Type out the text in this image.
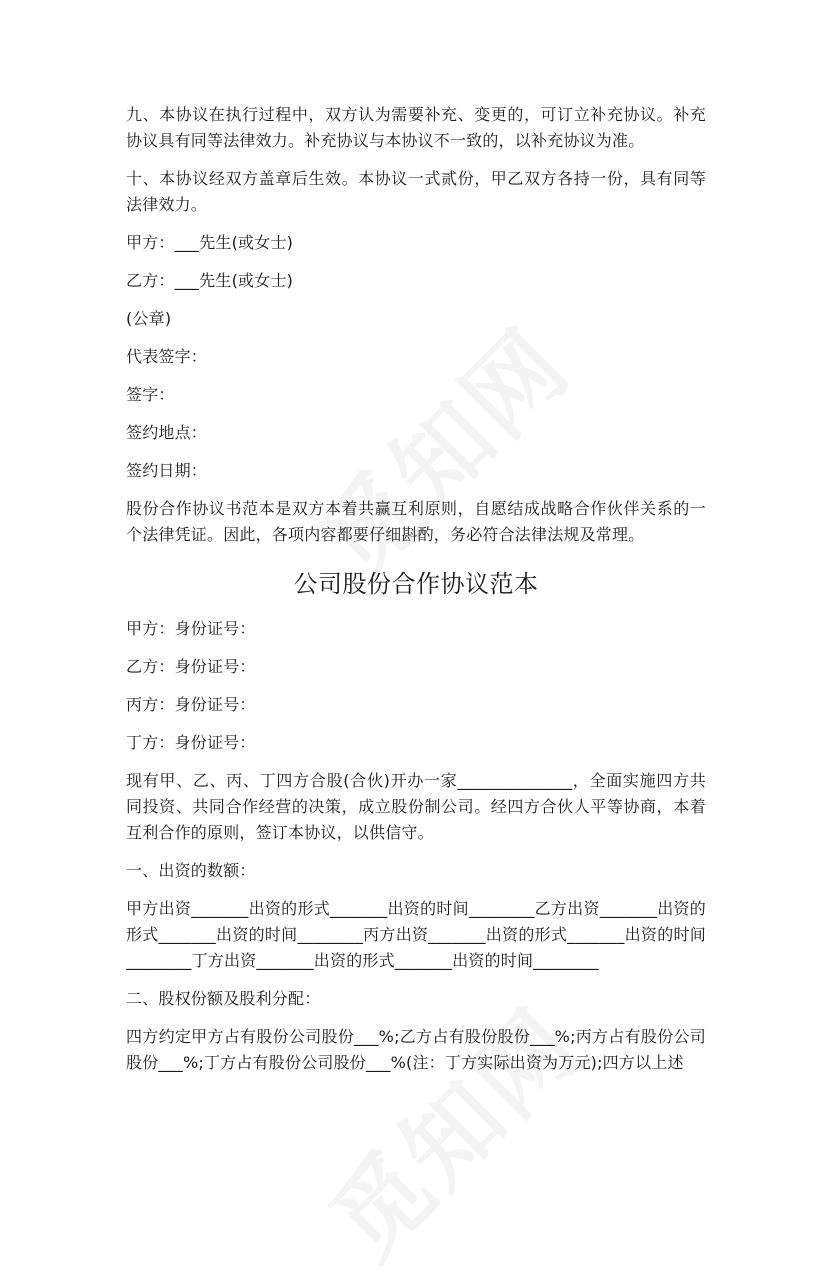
九、本协议在执行过程中，双方认为需要补充、变更的，可订立补充协议。补充协议具有同等法律效力。补充协议与本协议不一致的，以补充协议为准。

十、本协议经双方盖章后生效。本协议一式贰份，甲乙双方各持一份，具有同等法律效力。

甲方：___先生(或女士)

乙方：___先生(或女士)

(公章)

代表签字：

签字：

签约地点：

签约日期：

股份合作协议书范本是双方本着共赢互利原则，自愿结成战略合作伙伴关系的一个法律凭证。因此，各项内容都要仔细斟酌，务必符合法律法规及常理。

公司股份合作协议范本

甲方：身份证号：

乙方：身份证号：

丙方：身份证号：

丁方：身份证号：

现有甲、乙、丙、丁四方合股(合伙)开办一家______________，全面实施四方共同投资、共同合作经营的决策，成立股份制公司。经四方合伙人平等协商，本着互利合作的原则，签订本协议，以供信守。

一、出资的数额：

甲方出资_______出资的形式_______出资的时间________乙方出资_______出资的形式_______出资的时间________丙方出资_______出资的形式_______出资的时间________丁方出资_______出资的形式_______出资的时间________

二、股权份额及股利分配：

四方约定甲方占有股份公司股份___%;乙方占有股份股份___%;丙方占有股份公司股份___%;丁方占有股份公司股份___%(注：丁方实际出资为万元);四方以上述
